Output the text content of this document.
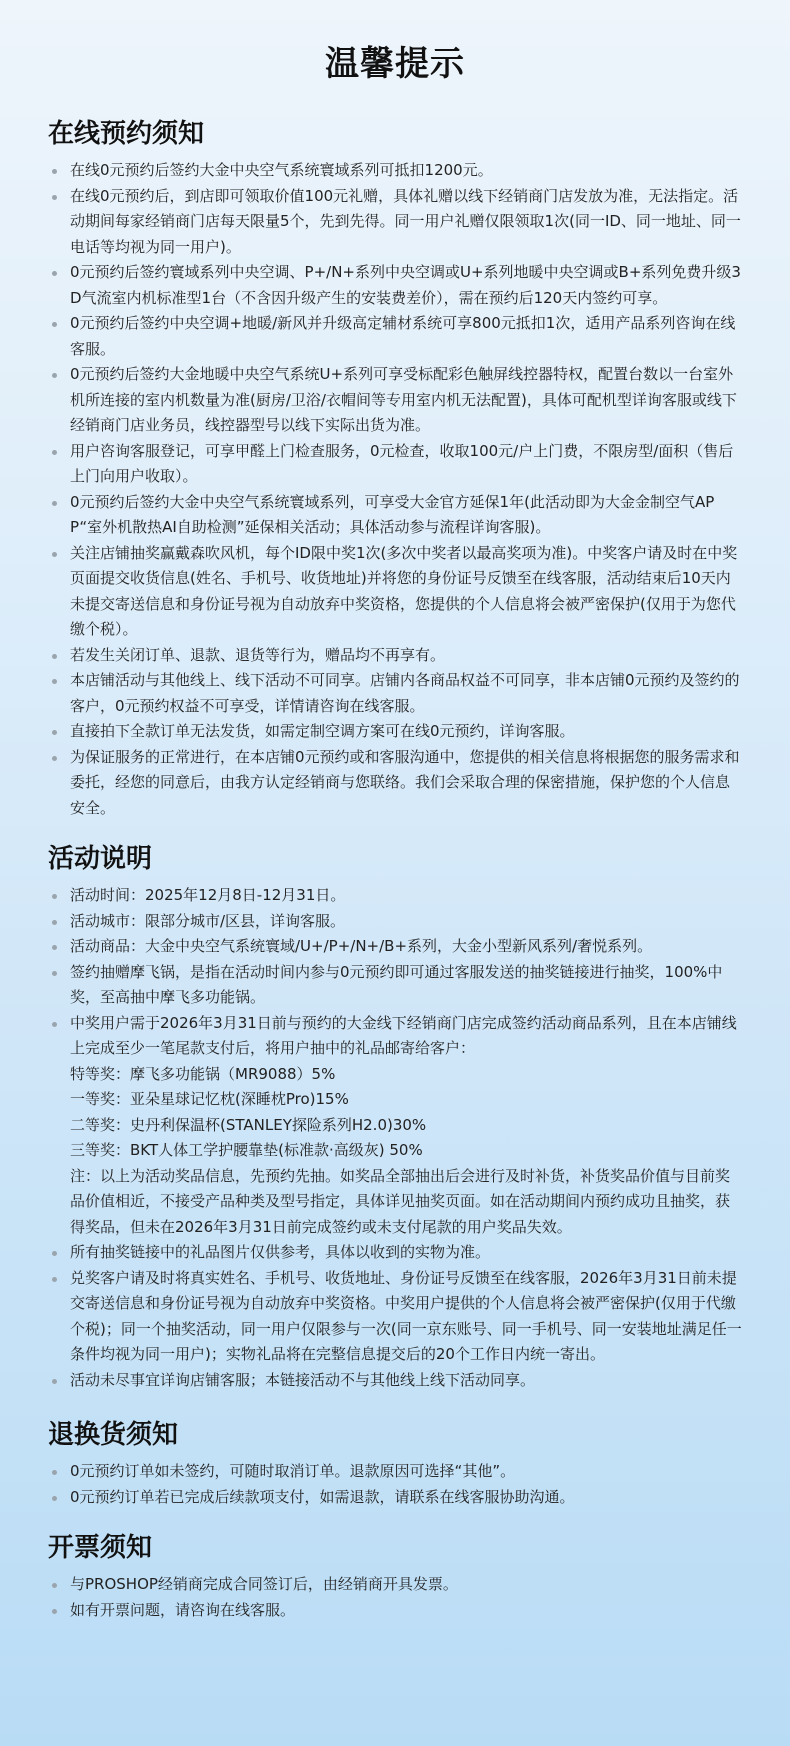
温馨提示
在线预约须知
在线0元预约后签约大金中央空气系统寰域系列可抵扣1200元。
在线0元预约后，到店即可领取价值100元礼赠，具体礼赠以线下经销商门店发放为准，无法指定。活动期间每家经销商门店每天限量5个，先到先得。同一用户礼赠仅限领取1次(同一ID、同一地址、同一电话等均视为同一用户)。
0元预约后签约寰域系列中央空调、P+/N+系列中央空调或U+系列地暖中央空调或B+系列免费升级3D气流室内机标准型1台（不含因升级产生的安装费差价），需在预约后120天内签约可享。
0元预约后签约中央空调+地暖/新风并升级高定辅材系统可享800元抵扣1次，适用产品系列咨询在线客服。
0元预约后签约大金地暖中央空气系统U+系列可享受标配彩色触屏线控器特权，配置台数以一台室外机所连接的室内机数量为准(厨房/卫浴/衣帽间等专用室内机无法配置)，具体可配机型详询客服或线下经销商门店业务员，线控器型号以线下实际出货为准。
用户咨询客服登记，可享甲醛上门检查服务，0元检查，收取100元/户上门费，不限房型/面积（售后上门向用户收取）。
0元预约后签约大金中央空气系统寰域系列，可享受大金官方延保1年(此活动即为大金金制空气APP“室外机散热AI自助检测”延保相关活动；具体活动参与流程详询客服)。
关注店铺抽奖赢戴森吹风机，每个ID限中奖1次(多次中奖者以最高奖项为准)。中奖客户请及时在中奖页面提交收货信息(姓名、手机号、收货地址)并将您的身份证号反馈至在线客服，活动结束后10天内未提交寄送信息和身份证号视为自动放弃中奖资格，您提供的个人信息将会被严密保护(仅用于为您代缴个税）。
若发生关闭订单、退款、退货等行为，赠品均不再享有。
本店铺活动与其他线上、线下活动不可同享。店铺内各商品权益不可同享，非本店铺0元预约及签约的客户，0元预约权益不可享受，详情请咨询在线客服。
直接拍下全款订单无法发货，如需定制空调方案可在线0元预约，详询客服。
为保证服务的正常进行，在本店铺0元预约或和客服沟通中，您提供的相关信息将根据您的服务需求和委托，经您的同意后，由我方认定经销商与您联络。我们会采取合理的保密措施，保护您的个人信息安全。
活动说明
活动时间：2025年12月8日-12月31日。
活动城市：限部分城市/区县，详询客服。
活动商品：大金中央空气系统寰域/U+/P+/N+/B+系列，大金小型新风系列/奢悦系列。
签约抽赠摩飞锅，是指在活动时间内参与0元预约即可通过客服发送的抽奖链接进行抽奖，100%中奖，至高抽中摩飞多功能锅。
中奖用户需于2026年3月31日前与预约的大金线下经销商门店完成签约活动商品系列，且在本店铺线上完成至少一笔尾款支付后，将用户抽中的礼品邮寄给客户：
特等奖：摩飞多功能锅（MR9088）5%
一等奖：亚朵星球记忆枕(深睡枕Pro)15%
二等奖：史丹利保温杯(STANLEY探险系列H2.0)30%
三等奖：BKT人体工学护腰靠垫(标准款·高级灰) 50%
注：以上为活动奖品信息，先预约先抽。如奖品全部抽出后会进行及时补货，补货奖品价值与目前奖品价值相近，不接受产品种类及型号指定，具体详见抽奖页面。如在活动期间内预约成功且抽奖，获得奖品，但未在2026年3月31日前完成签约或未支付尾款的用户奖品失效。
所有抽奖链接中的礼品图片仅供参考，具体以收到的实物为准。
兑奖客户请及时将真实姓名、手机号、收货地址、身份证号反馈至在线客服，2026年3月31日前未提交寄送信息和身份证号视为自动放弃中奖资格。中奖用户提供的个人信息将会被严密保护(仅用于代缴个税)；同一个抽奖活动，同一用户仅限参与一次(同一京东账号、同一手机号、同一安装地址满足任一条件均视为同一用户)；实物礼品将在完整信息提交后的20个工作日内统一寄出。
活动未尽事宜详询店铺客服；本链接活动不与其他线上线下活动同享。
退换货须知
0元预约订单如未签约，可随时取消订单。退款原因可选择“其他”。
0元预约订单若已完成后续款项支付，如需退款，请联系在线客服协助沟通。
开票须知
与PROSHOP经销商完成合同签订后，由经销商开具发票。
如有开票问题，请咨询在线客服。
